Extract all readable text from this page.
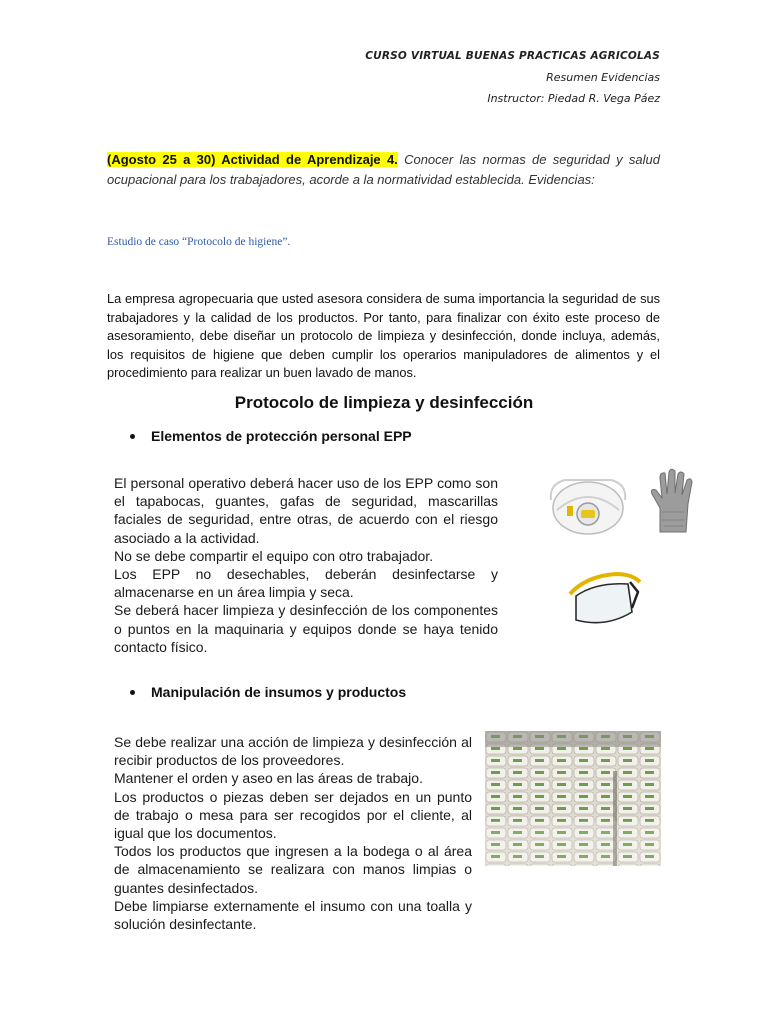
CURSO VIRTUAL BUENAS PRACTICAS AGRICOLAS
Resumen Evidencias
Instructor: Piedad R. Vega Páez
(Agosto 25 a 30) Actividad de Aprendizaje 4. Conocer las normas de seguridad y salud ocupacional para los trabajadores, acorde a la normatividad establecida. Evidencias:
Estudio de caso “Protocolo de higiene”.
La empresa agropecuaria que usted asesora considera de suma importancia la seguridad de sus trabajadores y la calidad de los productos. Por tanto, para finalizar con éxito este proceso de asesoramiento, debe diseñar un protocolo de limpieza y desinfección, donde incluya, además, los requisitos de higiene que deben cumplir los operarios manipuladores de alimentos y el procedimiento para realizar un buen lavado de manos.
Protocolo de limpieza y desinfección
Elementos de protección personal EPP

El personal operativo deberá hacer uso de los EPP como son el tapabocas, guantes, gafas de seguridad, mascarillas faciales de seguridad, entre otras, de acuerdo con el riesgo asociado a la actividad.

No se debe compartir el equipo con otro trabajador.

Los EPP no desechables, deberán desinfectarse y almacenarse en un área limpia y seca.

Se deberá hacer limpieza y desinfección de los componentes o puntos en la maquinaria y equipos donde se haya tenido contacto físico.

Manipulación de insumos y productos

Se debe realizar una acción de limpieza y desinfección al recibir productos de los proveedores.

Mantener el orden y aseo en las áreas de trabajo.

Los productos o piezas deben ser dejados en un punto de trabajo o mesa para ser recogidos por el cliente, al igual que los documentos.

Todos los productos que ingresen a la bodega o al área de almacenamiento se realizara con manos limpias o guantes desinfectados.

Debe limpiarse externamente el insumo con una toalla y solución desinfectante.
